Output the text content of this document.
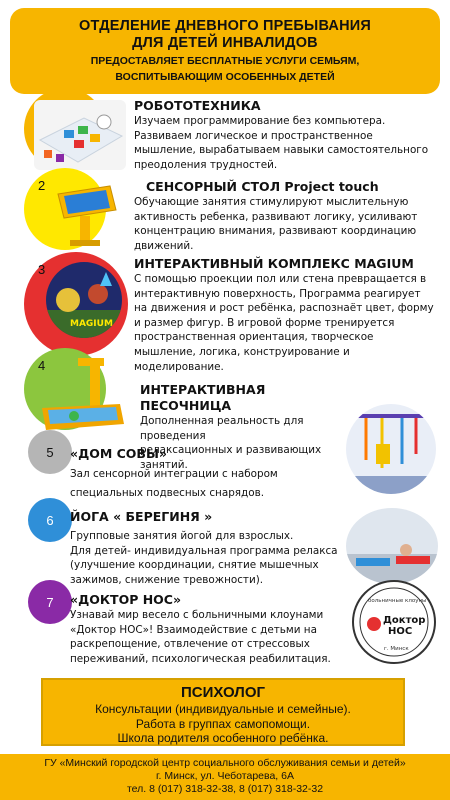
ОТДЕЛЕНИЕ ДНЕВНОГО ПРЕБЫВАНИЯ
ДЛЯ ДЕТЕЙ ИНВАЛИДОВ
ПРЕДОСТАВЛЯЕТ БЕСПЛАТНЫЕ УСЛУГИ СЕМЬЯМ,
ВОСПИТЫВАЮЩИМ ОСОБЕННЫХ ДЕТЕЙ
РОБОТОТЕХНИКА
Изучаем программирование без компьютера.
Развиваем логическое и пространственное
мышление, вырабатываем навыки самостоятельного
преодоления трудностей.
2	СЕНСОРНЫЙ СТОЛ Project touch
Обучающие занятия стимулируют мыслительную
активность ребенка, развивают логику, усиливают
концентрацию внимания, развивают координацию
движений.
3
MAGIUM
ИНТЕРАКТИВНЫЙ КОМПЛЕКС MAGIUM
С помощью проекции пол или стена превращается в
интерактивную поверхность, Программа реагирует
на движения и рост ребёнка, распознаёт цвет, форму
и размер фигур. В игровой форме тренируется
пространственная ориентация, творческое
мышление, логика, конструирование и
моделирование.
4
ИНТЕРАКТИВНАЯ ПЕСОЧНИЦА
Дополненная реальность для проведения
релаксационных и развивающих
занятий.
5 «ДОМ СОВЫ»
Зал сенсорной интеграции с набором
специальных подвесных снарядов.
6 ЙОГА « БЕРЕГИНЯ »
Групповые занятия йогой для взрослых.
Для детей- индивидуальная программа релакса
(улучшение координации, снятие мышечных
зажимов, снижение тревожности).
7 «ДОКТОР НОС»
Узнавай мир весело с больничными клоунами
«Доктор НОС»! Взаимодействие с детьми на
раскрепощение, отвлечение от стрессовых
переживаний, психологическая реабилитация.
больничные клоуны
Доктор
НОС
г. Минск
ПСИХОЛОГ
Консультации (индивидуальные и семейные).
Работа в группах самопомощи.
Школа родителя особенного ребёнка.
ГУ «Минский городской центр социального обслуживания семьи и детей»
г. Минск, ул. Чеботарева, 6А
тел. 8 (017) 318-32-38, 8 (017) 318-32-32
